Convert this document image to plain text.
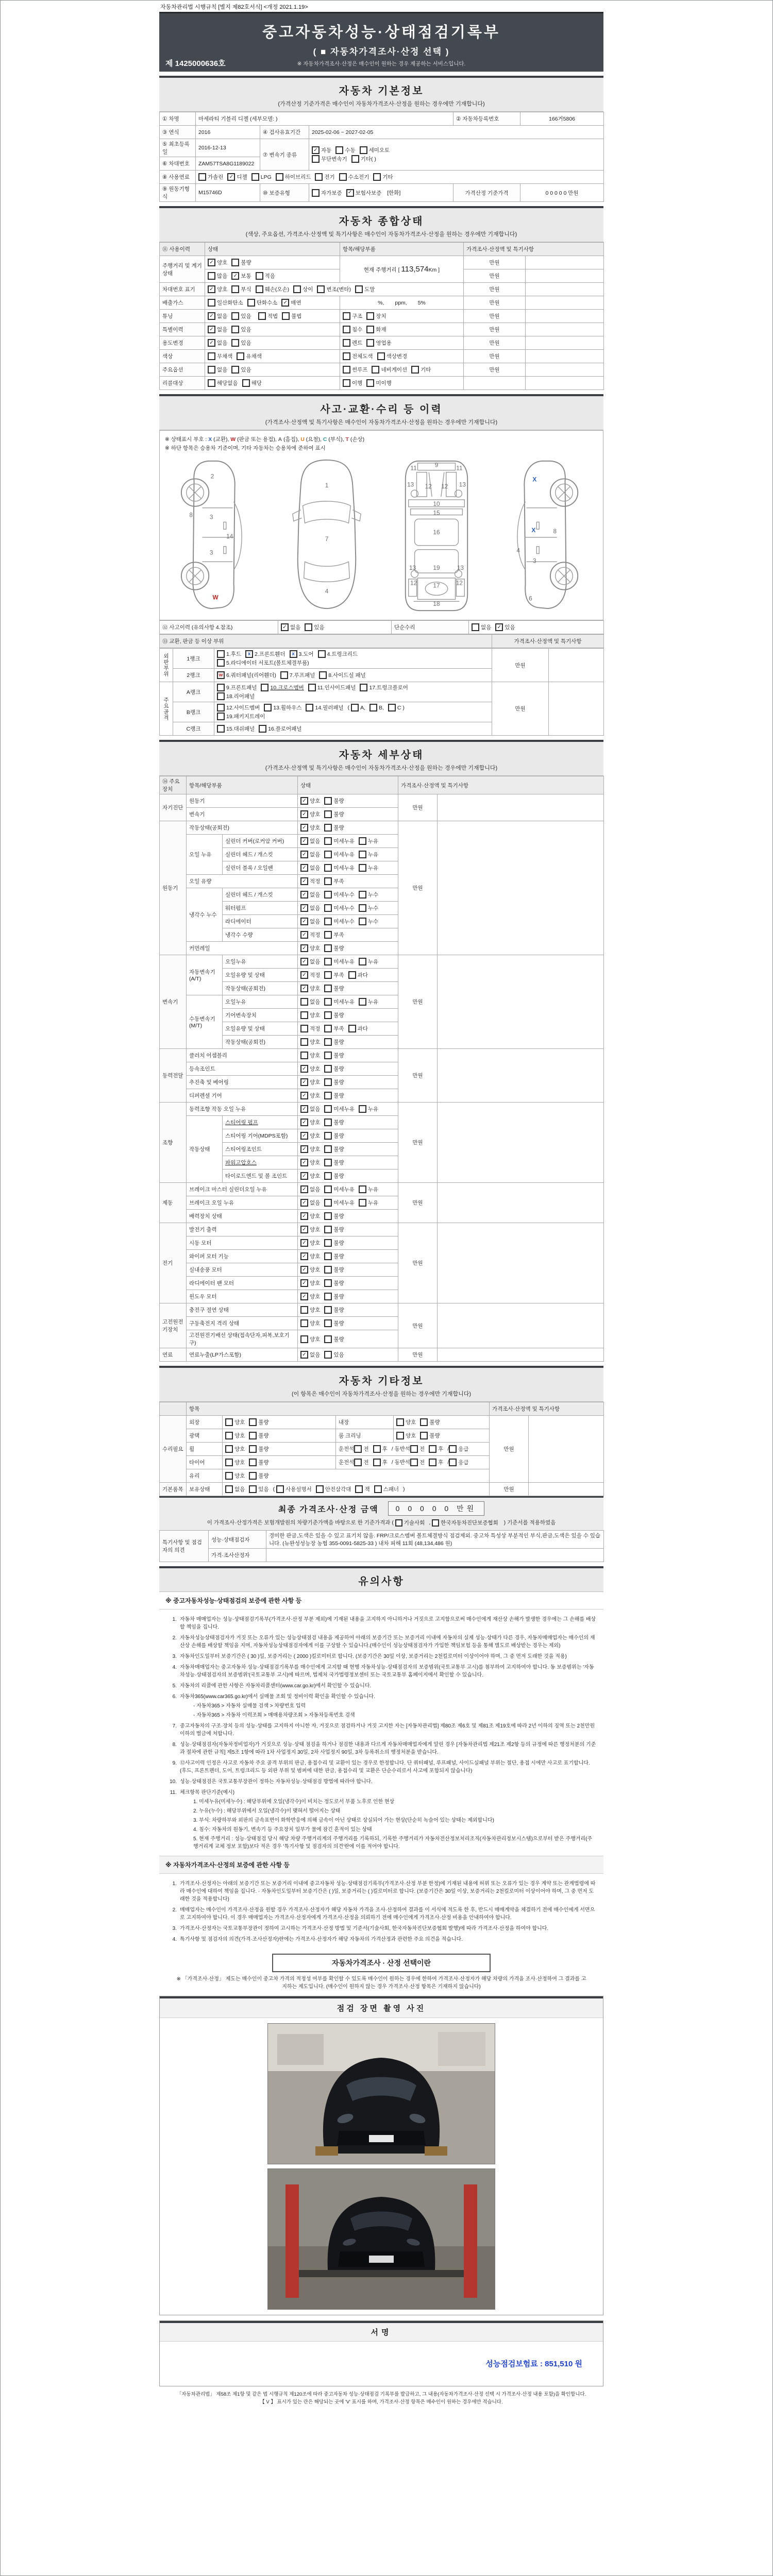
자동차관리법 시행규칙 [별지 제82호서식] <개정 2021.1.19>
중고자동차성능·상태점검기록부
( ■ 자동차가격조사·산정 선택 )
※ 자동차가격조사·산정은 매수인이 원하는 경우 제공하는 서비스입니다.
제 1425000636호
자동차 기본정보
(가격산정 기준가격은 매수인이 자동차가격조사·산정을 원하는 경우에만 기재합니다)
① 차명	마세라티 기블리 디젤 (세부모델: )			② 자동차등록번호	166거5806
③ 연식	2016	④ 검사유효기간	2025-02-06 ~ 2027-02-05		
⑤ 최초등록일	2016-12-13	⑦ 변속기 종류	
✓ 자동 수동 세미오토

무단변속기 기타( )

⑥ 차대번호	ZAM57TSA8G1189022				
⑧ 사용연료	가솔린	✓ 디젤 LPG 하이브리드 전기 수소전기 기타

⑨ 원동기형식	M15746D	⑩ 보증유형	자가보증 ✓ 보험사보증 [한화]	가격산정 기준가격	0 0 0 0 0 만원
자동차 종합상태
(색상, 주요옵션, 가격조사·산정액 및 특기사항은 매수인이 자동차가격조사·산정을 원하는 경우에만 기재합니다)
⑪ 사용이력	상태	항목/해당부품	가격조사·산정액 및 특기사항	
주행거리 및 계기상태	✓ 양호 불량	현재 주행거리 [ 113,574Km ]	만원	

	많음 ✓ 보통 적음		만원	
차대번호 표기	✓ 양호 부식 훼손(오손) 상이 변조(변타) 도말	만원	
배출가스	일산화탄소 탄화수소 ✓ 매연	%,  ppm,  5%	만원	
튜닝	✓ 없음 있음
  적법 불법	구조 장치	만원	
특별이력	✓ 없음 있음	침수 화재	만원	
용도변경	✓ 없음 있음	렌트 영업용	만원	
색상	무채색 유채색	전체도색 색상변경	만원	
주요옵션	없음 있음	썬루프 네비게이션 기타	만원	
리콜대상	해당없음 해당	이행 미이행		

사고·교환·수리 등 이력
(가격조사·산정액 및 특기사항은 매수인이 자동차가격조사·산정을 원하는 경우에만 기재합니다)
※ 상태표시 부호 : X (교환), W (판금 또는 용접), A (흠집), U (요철), C (부식), T (손상)
※ 하단 항목은 승용차 기준이며, 기타 자동차는 승용차에 준하여 표시
2
8	3
14
3
W
1
7
4
11	9	11
13 12 12 13
10
15
16
13	19	13
12	17	12
18
X
X	8
4
3
6
⑫ 사고이력 (유의사항 4.참조)	✓ 없음 있음	단순수리	없음	✓ 있음
⑬ 교환, 판금 등 이상 부위	가격조사·산정액 및 특기사항
외판부위	1랭크	
1.후드	x 2.프론트휀더	x 3.도어 4.트렁크리드

5.라디에이터 서포트(볼트체결부품)	만원	
	2랭크	w 6.쿼터패널(리어휀더) 7.루프패널 8.사이드실 패널		

주요골격	A랭크	9.프론트패널 10.크로스멤버 11.인사이드패널 17.트렁크플로어

18.리어패널	만원	
B랭크	
12.사이드멤버 13.휠하우스 14.필러패널 ( A, B, C )

19.패키지트레이

	C랭크	15.대쉬패널 16.플로어패널		
자동차 세부상태
(가격조사·산정액 및 특기사항은 매수인이 자동차가격조사·산정을 원하는 경우에만 기재합니다)
⑭ 주요장치	항목/해당부품		상태	가격조사·산정액 및 특기사항	
자기진단	원동기		✓ 양호 불량	만원	
	변속기		✓ 양호 불량		

원동기	작동상태(공회전)		✓ 양호 불량	만원	
	오일 누유	실린더 커버(로커암 커버)	✓ 없음 미세누유 누유		

		실린더 헤드 / 개스킷	✓ 없음 미세누유 누유		

		실린더 블록 / 오일팬	✓ 없음 미세누유 누유		

	오일 유량		✓ 적정 부족		

	냉각수 누수	실린더 헤드 / 개스킷	✓ 없음 미세누수 누수		

		워터펌프	✓ 없음 미세누수 누수		

		라디에이터	✓ 없음 미세누수 누수		

		냉각수 수량	✓ 적정 부족		

	커먼레일		✓ 양호 불량		

변속기	자동변속기 (A/T)	오일누유	✓ 없음 미세누유 누유	만원	
		오일유량 및 상태	✓ 적정 부족 과다		

		작동상태(공회전)	✓ 양호 불량		

	수동변속기 (M/T)	오일누유	없음 미세누유 누유		

		기어변속장치	양호 불량		

		오일유량 및 상태	적정 부족 과다		

		작동상태(공회전)	양호 불량		

동력전달	클러치 어셈블리		양호 불량	만원	
	등속조인트		✓ 양호 불량		

	추진축 및 베어링		✓ 양호 불량		

	디퍼렌셜 기어		✓ 양호 불량		

조향	동력조향 작동 오일 누유		✓ 없음 미세누유 누유	만원	
	작동상태	스티어링 펌프	✓ 양호 불량		

		스티어링 기어(MDPS포함)	✓ 양호 불량		

		스티어링조인트	✓ 양호 불량		

		파워고압호스	✓ 양호 불량		

		타이로드엔드 및 볼 조인트	✓ 양호 불량		

제동	브레이크 마스터 실린더오일 누유		✓ 없음 미세누유 누유	만원	
	브레이크 오일 누유		✓ 없음 미세누유 누유		

	배력장치 상태		✓ 양호 불량		

전기	발전기 출력		✓ 양호 불량	만원	
	시동 모터		✓ 양호 불량		

	와이퍼 모터 기능		✓ 양호 불량		

	실내송풍 모터		✓ 양호 불량		

	라디에이터 팬 모터		✓ 양호 불량		

	윈도우 모터		✓ 양호 불량		

고전원전기장치	충전구 절연 상태		양호 불량	만원	
	구동축전지 격리 상태		양호 불량		

	고전원전기배선 상태(접속단자,피복,보호기구)		양호 불량		

연료	연료누출(LP가스포함)		✓ 없음 있음	만원	
자동차 기타정보
(이 항목은 매수인이 자동차가격조사·산정을 원하는 경우에만 기재합니다)
	항목				가격조사·산정액 및 특기사항	
수리필요	외장	양호 불량	내장	양호 불량	만원	
	광택	양호 불량	룸 크리닝	양호 불량		

휠	양호 불량	운전석 전 후 / 동반석 전 후 / 응급

타이어	양호 불량	운전석 전 후 / 동반석 전 후 / 응급

	유리	양호 불량				

기본품목	보유상태	없음 있음 ( 사용설명서 안전삼각대 잭 스패너 )	만원	
최종 가격조사·산정 금액	0 0 0 0 0 만원
이 가격조사·산정가격은 보험개발원의 차량기준가액을 바탕으로 한 기준가격과 ( 기술사회 , 한국자동차진단보증협회 ) 기준서를 적용하였음
특기사항 및 점검자의 의견	성능·상태점검자	경미한 판금,도색은 있을 수 있고 표기치 않음. FRP/크로스멤버 볼트체결방식 점검제외. 중고차 특성상 부분적인 부식,판금,도색은 있을 수 있습니다. (뉴완성성능장 농협 355-0091-5825-33 ) 내차 피해 11회 (48,134,486 원)
	가격·조사산정자	
유의사항
※ 중고자동차성능·상태점검의 보증에 관한 사항 등
1. 자동차 매매업자는 성능·상태점검기록부(가격조사·산정 부분 제외)에 기재된 내용을 고지하지 아니하거나 거짓으로 고지함으로써 매수인에게 재산상 손해가 발생한 경우에는 그 손해를 배상할 책임을 집니다.
2. 자동차성능상태점검자가 거짓 또는 오류가 있는 성능상태점검 내용을 제공하여 아래의 보증기간 또는 보증거리 이내에 자동차의 실제 성능·상태가 다른 경우, 자동차매매업자는 매수인의 재산상 손해를 배상할 책임을 지며, 자동차성능상태점검자에게 이를 구상할 수 있습니다.(매수인이 성능상태점검자가 가입한 책임보험 등을 통해 별도로 배상받는 경우는 제외)
3. 자동차인도일부터 보증기간은 ( 30 )일, 보증거리는 ( 2000 )킬로미터로 합니다. (보증기간은 30일 이상, 보증거리는 2천킬로미터 이상이어야 하며, 그 중 먼저 도래한 것을 적용)
4. 자동차매매업자는 중고자동차 성능·상태점검기록부를 매수인에게 고지할 때 현행 자동차성능·상태점검자의 보증범위(국토교통부 고시)를 첨부하여 고지하여야 합니다. 동 보증범위는 '자동차성능·상태점검자의 보증범위'(국토교통부 고시)에 따르며, 법제처 국가법령정보센터 또는 국토교통부 홈페이지에서 확인할 수 있습니다.
5. 자동차의 리콜에 관한 사항은 자동차리콜센터(www.car.go.kr)에서 확인할 수 있습니다.
6. 자동차365(www.car365.go.kr)에서 실매물 조회 및 정비이력 확인을 확인할 수 있습니다.
- 자동차365 > 자동차 실매물 검색 > 차량번호 입력
- 자동차365 > 자동차 이력조회 > 매매용차량조회 > 자동차등록번호 검색
7. 중고자동차의 구조·장치 등의 성능·상태를 고지하지 아니한 자, 거짓으로 점검하거나 거짓 고지한 자는 [자동차관리법] 제80조 제6호 및 제81조 제19호에 따라 2년 이하의 징역 또는 2천만원 이하의 벌금에 처합니다.
8. 성능·상태점검자(자동차정비업자)가 거짓으로 성능·상태 점검을 하거나 점검한 내용과 다르게 자동차매매업자에게 알린 경우 [자동차관리법 제21조 제2항 등의 규정에 따른 행정처분의 기준과 절차에 관한 규칙] 제5조 1항에 따라 1차 사업정지 30일, 2차 사업정지 90일, 3차 등록취소의 행정처분을 받습니다.
9. ⑫사고이력 인정은 사고로 자동차 주요 골격 부위의 판금, 용접수리 및 교환이 있는 경우로 한정합니다. 단 쿼터패널, 루프패널, 사이드실패널 부위는 절단, 용접 시에만 사고로 표기합니다. (후드, 프론트펜더, 도어, 트렁크리드 등 외판 부위 및 범퍼에 대한 판금, 용접수리 및 교환은 단순수리로서 사고에 포함되지 않습니다)
10. 성능·상태점검은 국토교통부장관이 정하는 자동차성능·상태점검 방법에 따라야 합니다.
11. 체크항목 판단기준(예시)
1. 미세누유(미세누수) : 해당부위에 오일(냉각수)이 비치는 정도로서 부품 노후로 인한 현상
2. 누유(누수) : 해당부위에서 오일(냉각수)이 맺혀서 떨어지는 상태
3. 부식: 차량하부와 외판의 금속표면이 화학반응에 의해 금속이 아닌 상태로 상실되어 가는 현상(단순히 녹슬어 있는 상태는 제외합니다)
4. 침수: 자동차의 원동기, 변속기 등 주요장치 일부가 물에 잠긴 흔적이 있는 상태
5. 현재 주행거리 : 성능·상태점검 당시 해당 차량 주행거리계의 주행거리를 기록하되, 기록한 주행거리가 자동차전산정보처리조직(자동차관리정보시스템)으로부터 받은 주행거리(주행거리계 교체 정보 포함)보다 적은 경우 '특기사항 및 점검자의 의견'란에 이를 적어야 합니다.
※ 자동차가격조사·산정의 보증에 관한 사항 등
1. 가격조사·산정자는 아래의 보증기간 또는 보증거리 이내에 중고자동차 성능·상태점검기록부(가격조사·산정 부분 한정)에 기재된 내용에 허위 또는 오류가 있는 경우 계약 또는 관계법령에 따라 매수인에 대하여 책임을 집니다. · 자동차인도일부터 보증기간은 ( )일, 보증거리는 ( )킬로미터로 합니다. (보증기간은 30일 이상, 보증거리는 2천킬로미터 이상이어야 하며, 그 중 먼저 도래한 것을 적용합니다)
2. 매매업자는 매수인이 가격조사·산정을 원할 경우 가격조사·산정자가 해당 자동차 가격을 조사·산정하여 결과를 이 서식에 적도록 한 후, 반드시 매매계약을 체결하기 전에 매수인에게 서면으로 고지하여야 합니다. 이 경우 매매업자는 가격조사·산정자에게 가격조사·산정을 의뢰하기 전에 매수인에게 가격조사·산정 비용을 안내하여야 합니다.
3. 가격조사·산정자는 국토교통부장관이 정하여 고시하는 가격조사·산정 방법 및 기준서(기술사회, 한국자동차진단보증협회 발행)에 따라 가격조사·산정을 하여야 합니다.
4. 특기사항 및 점검자의 의견(가격·조사산정자)란에는 가격조사·산정자가 해당 자동차의 가격산정과 관련한 주요 의견을 적습니다.
자동차가격조사 · 산정 선택이란
※ 「가격조사·산정」 제도는 매수인이 중고차 가격의 적정성 여부를 확인할 수 있도록 매수인이 원하는 경우에 한하여 가격조사·산정자가 해당 차량의 가격을 조사·산정하여 그 결과를 고지하는 제도입니다. (매수인이 원하지 않는 경우 가격조사·산정 항목은 기재하지 않습니다)
점검 장면 촬영 사진
서명
성능점검보험료 : 851,510 원
「자동차관리법」 제58조 제1항 및 같은 법 시행규칙 제120조에 따라 중고자동차 성능·상태점검 기록부를 발급하고, 그 내용(자동차가격조사·산정 선택 시 가격조사·산정 내용 포함)을 확인합니다.
【 V 】 표시가 있는 란은 해당되는 곳에 'V' 표시를 하며, 가격조사·산정 항목은 매수인이 원하는 경우에만 적습니다.
